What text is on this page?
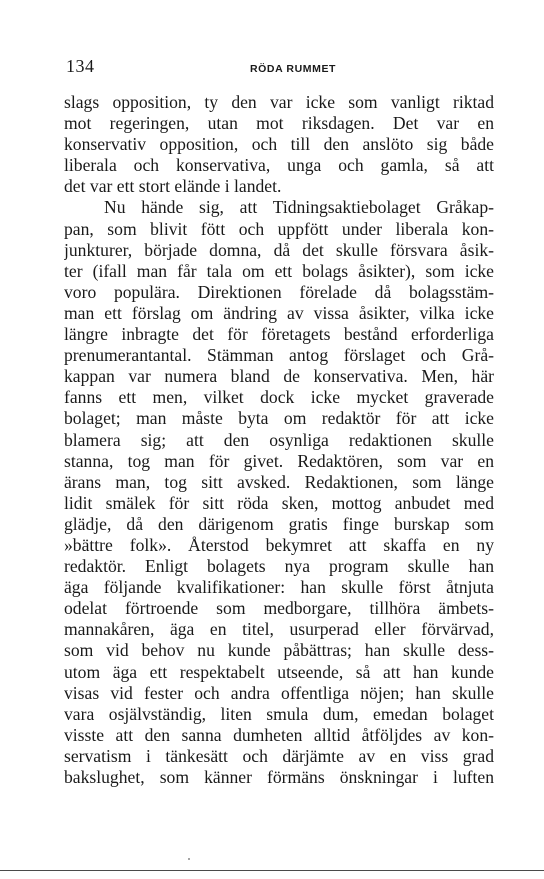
134	RÖDA RUMMET
slags opposition, ty den var icke som vanligt riktad
mot regeringen, utan mot riksdagen. Det var en
konservativ opposition, och till den anslöto sig både
liberala och konservativa, unga och gamla, så att
det var ett stort elände i landet.
Nu hände sig, att Tidningsaktiebolaget Gråkap-
pan, som blivit fött och uppfött under liberala kon-
junkturer, började domna, då det skulle försvara åsik-
ter (ifall man får tala om ett bolags åsikter), som icke
voro populära. Direktionen förelade då bolagsstäm-
man ett förslag om ändring av vissa åsikter, vilka icke
längre inbragte det för företagets bestånd erforderliga
prenumerantantal. Stämman antog förslaget och Grå-
kappan var numera bland de konservativa. Men, här
fanns ett men, vilket dock icke mycket graverade
bolaget; man måste byta om redaktör för att icke
blamera sig; att den osynliga redaktionen skulle
stanna, tog man för givet. Redaktören, som var en
ärans man, tog sitt avsked. Redaktionen, som länge
lidit smälek för sitt röda sken, mottog anbudet med
glädje, då den därigenom gratis finge burskap som
»bättre folk». Återstod bekymret att skaffa en ny
redaktör. Enligt bolagets nya program skulle han
äga följande kvalifikationer: han skulle först åtnjuta
odelat förtroende som medborgare, tillhöra ämbets-
mannakåren, äga en titel, usurperad eller förvärvad,
som vid behov nu kunde påbättras; han skulle dess-
utom äga ett respektabelt utseende, så att han kunde
visas vid fester och andra offentliga nöjen; han skulle
vara osjälvständig, liten smula dum, emedan bolaget
visste att den sanna dumheten alltid åtföljdes av kon-
servatism i tänkesätt och därjämte av en viss grad
bakslughet, som känner förmäns önskningar i luften
